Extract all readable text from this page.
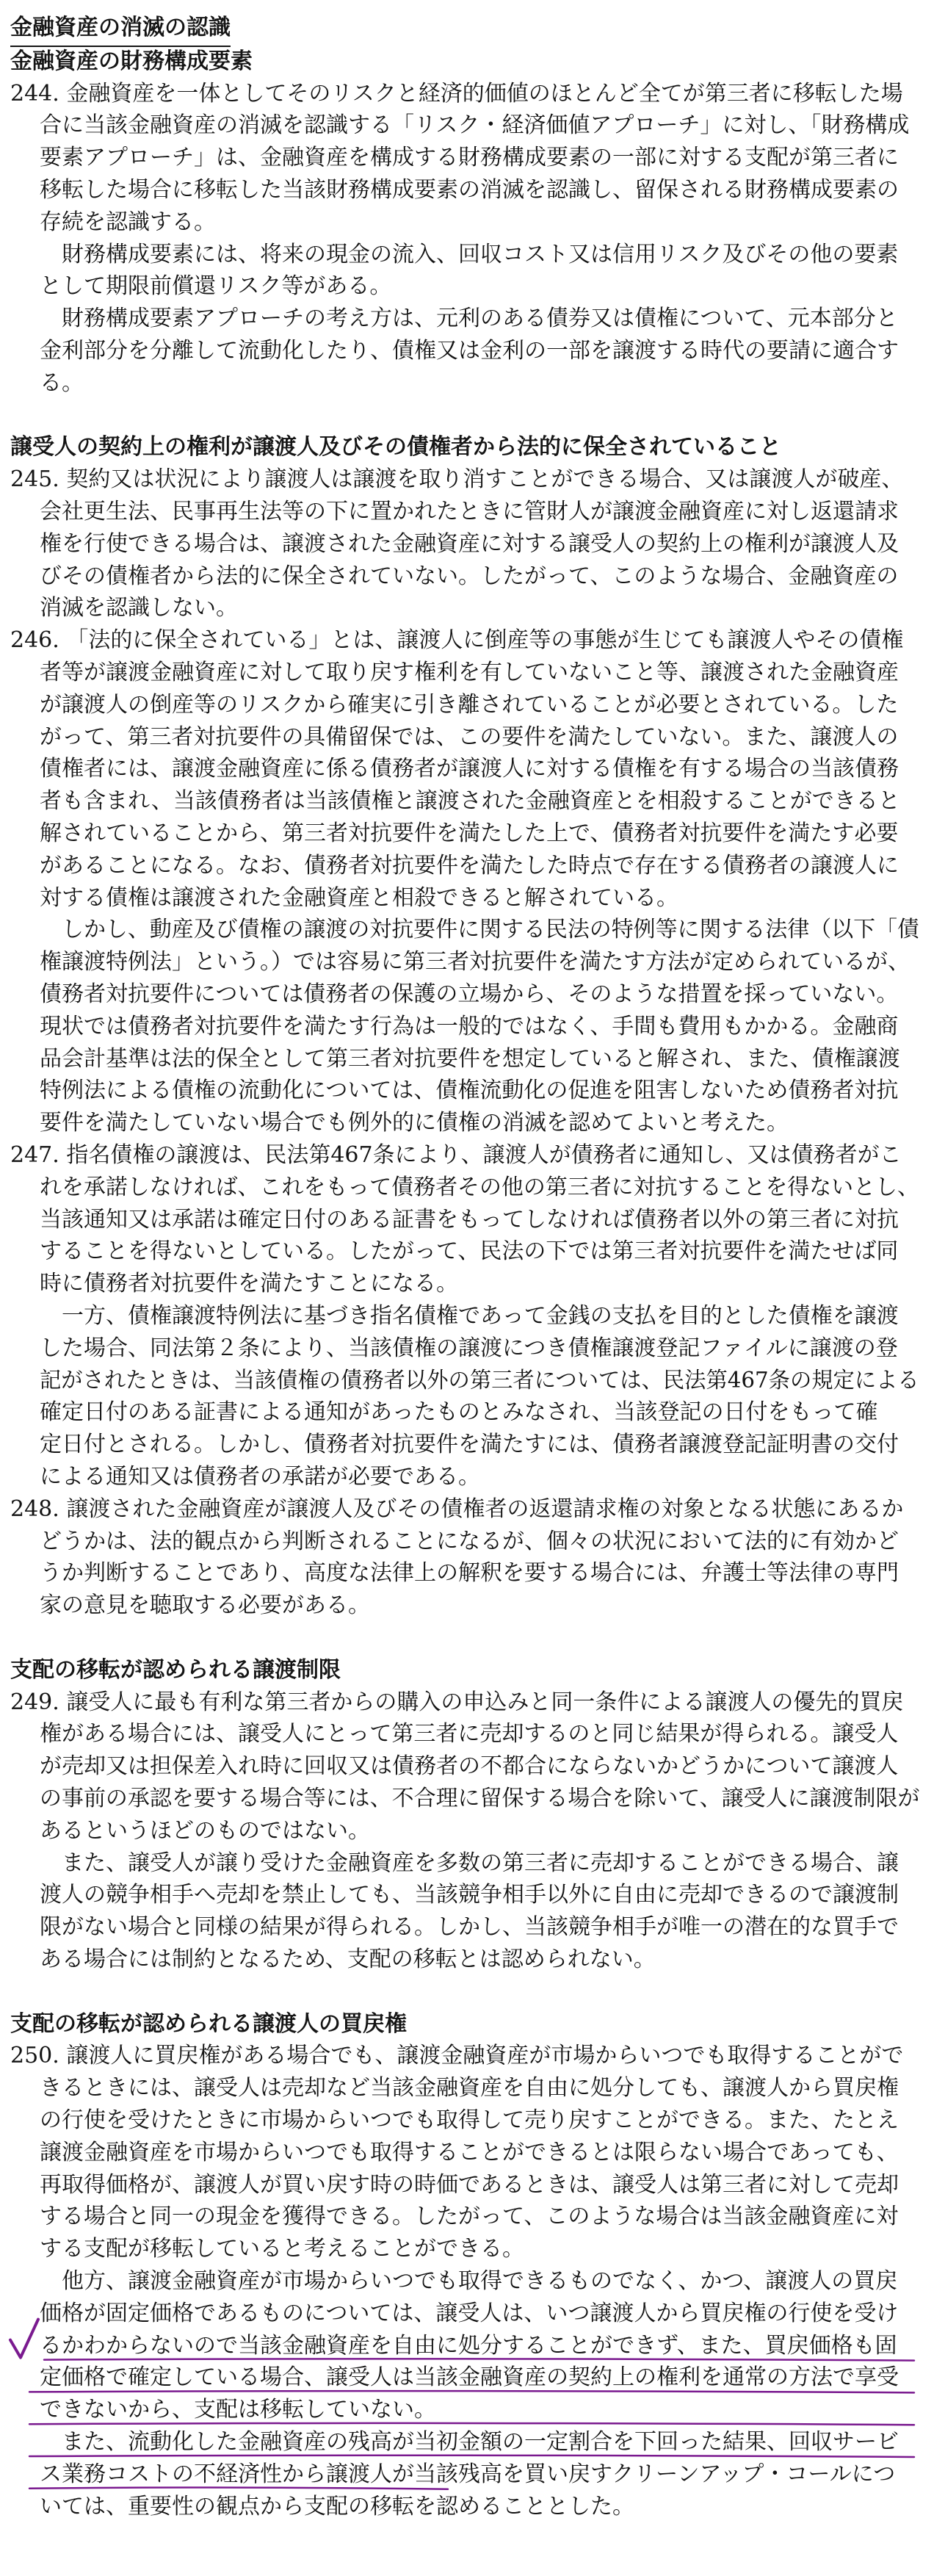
金融資産の消滅の認識
金融資産の財務構成要素
244. 金融資産を一体としてそのリスクと経済的価値のほとんど全てが第三者に移転した場
合に当該金融資産の消滅を認識する「リスク・経済価値アプローチ」に対し、「財務構成
要素アプローチ」は、金融資産を構成する財務構成要素の一部に対する支配が第三者に
移転した場合に移転した当該財務構成要素の消滅を認識し、留保される財務構成要素の
存続を認識する。
財務構成要素には、将来の現金の流入、回収コスト又は信用リスク及びその他の要素
として期限前償還リスク等がある。
財務構成要素アプローチの考え方は、元利のある債券又は債権について、元本部分と
金利部分を分離して流動化したり、債権又は金利の一部を譲渡する時代の要請に適合す
る。
譲受人の契約上の権利が譲渡人及びその債権者から法的に保全されていること
245. 契約又は状況により譲渡人は譲渡を取り消すことができる場合、又は譲渡人が破産、
会社更生法、民事再生法等の下に置かれたときに管財人が譲渡金融資産に対し返還請求
権を行使できる場合は、譲渡された金融資産に対する譲受人の契約上の権利が譲渡人及
びその債権者から法的に保全されていない。したがって、このような場合、金融資産の
消滅を認識しない。
246. 「法的に保全されている」とは、譲渡人に倒産等の事態が生じても譲渡人やその債権
者等が譲渡金融資産に対して取り戻す権利を有していないこと等、譲渡された金融資産
が譲渡人の倒産等のリスクから確実に引き離されていることが必要とされている。した
がって、第三者対抗要件の具備留保では、この要件を満たしていない。また、譲渡人の
債権者には、譲渡金融資産に係る債務者が譲渡人に対する債権を有する場合の当該債務
者も含まれ、当該債務者は当該債権と譲渡された金融資産とを相殺することができると
解されていることから、第三者対抗要件を満たした上で、債務者対抗要件を満たす必要
があることになる。なお、債務者対抗要件を満たした時点で存在する債務者の譲渡人に
対する債権は譲渡された金融資産と相殺できると解されている。
しかし、動産及び債権の譲渡の対抗要件に関する民法の特例等に関する法律（以下「債
権譲渡特例法」という。）では容易に第三者対抗要件を満たす方法が定められているが、
債務者対抗要件については債務者の保護の立場から、そのような措置を採っていない。
現状では債務者対抗要件を満たす行為は一般的ではなく、手間も費用もかかる。金融商
品会計基準は法的保全として第三者対抗要件を想定していると解され、また、債権譲渡
特例法による債権の流動化については、債権流動化の促進を阻害しないため債務者対抗
要件を満たしていない場合でも例外的に債権の消滅を認めてよいと考えた。
247. 指名債権の譲渡は、民法第467条により、譲渡人が債務者に通知し、又は債務者がこ
れを承諾しなければ、これをもって債務者その他の第三者に対抗することを得ないとし、
当該通知又は承諾は確定日付のある証書をもってしなければ債務者以外の第三者に対抗
することを得ないとしている。したがって、民法の下では第三者対抗要件を満たせば同
時に債務者対抗要件を満たすことになる。
一方、債権譲渡特例法に基づき指名債権であって金銭の支払を目的とした債権を譲渡
した場合、同法第２条により、当該債権の譲渡につき債権譲渡登記ファイルに譲渡の登
記がされたときは、当該債権の債務者以外の第三者については、民法第467条の規定による
確定日付のある証書による通知があったものとみなされ、当該登記の日付をもって確
定日付とされる。しかし、債務者対抗要件を満たすには、債務者譲渡登記証明書の交付
による通知又は債務者の承諾が必要である。
248. 譲渡された金融資産が譲渡人及びその債権者の返還請求権の対象となる状態にあるか
どうかは、法的観点から判断されることになるが、個々の状況において法的に有効かど
うか判断することであり、高度な法律上の解釈を要する場合には、弁護士等法律の専門
家の意見を聴取する必要がある。
支配の移転が認められる譲渡制限
249. 譲受人に最も有利な第三者からの購入の申込みと同一条件による譲渡人の優先的買戻
権がある場合には、譲受人にとって第三者に売却するのと同じ結果が得られる。譲受人
が売却又は担保差入れ時に回収又は債務者の不都合にならないかどうかについて譲渡人
の事前の承認を要する場合等には、不合理に留保する場合を除いて、譲受人に譲渡制限が
あるというほどのものではない。
また、譲受人が譲り受けた金融資産を多数の第三者に売却することができる場合、譲
渡人の競争相手へ売却を禁止しても、当該競争相手以外に自由に売却できるので譲渡制
限がない場合と同様の結果が得られる。しかし、当該競争相手が唯一の潜在的な買手で
ある場合には制約となるため、支配の移転とは認められない。
支配の移転が認められる譲渡人の買戻権
250. 譲渡人に買戻権がある場合でも、譲渡金融資産が市場からいつでも取得することがで
きるときには、譲受人は売却など当該金融資産を自由に処分しても、譲渡人から買戻権
の行使を受けたときに市場からいつでも取得して売り戻すことができる。また、たとえ
譲渡金融資産を市場からいつでも取得することができるとは限らない場合であっても、
再取得価格が、譲渡人が買い戻す時の時価であるときは、譲受人は第三者に対して売却
する場合と同一の現金を獲得できる。したがって、このような場合は当該金融資産に対
する支配が移転していると考えることができる。
他方、譲渡金融資産が市場からいつでも取得できるものでなく、かつ、譲渡人の買戻
価格が固定価格であるものについては、譲受人は、いつ譲渡人から買戻権の行使を受け
るかわからないので当該金融資産を自由に処分することができず、また、買戻価格も固
定価格で確定している場合、譲受人は当該金融資産の契約上の権利を通常の方法で享受
できないから、支配は移転していない。
また、流動化した金融資産の残高が当初金額の一定割合を下回った結果、回収サービ
ス業務コストの不経済性から譲渡人が当該残高を買い戻すクリーンアップ・コールにつ
いては、重要性の観点から支配の移転を認めることとした。
